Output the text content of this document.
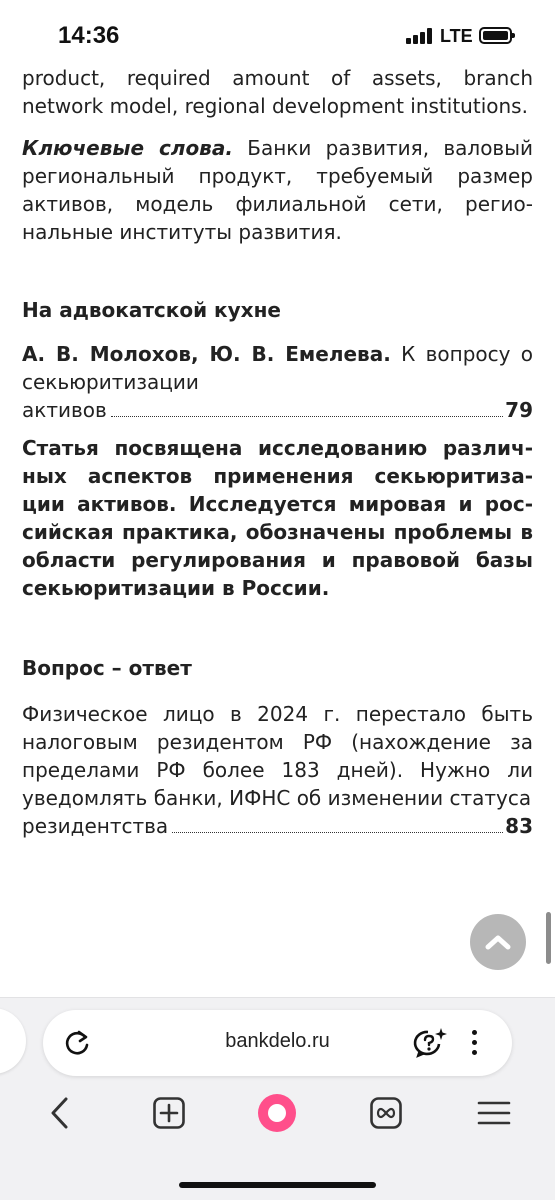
14:36	LTE

product, required amount of assets, branch network model, regional development institutions.

Ключевые слова. Банки развития, валовый региональный продукт, требуемый размер активов, модель филиальной сети, регио-нальные институты развития.

На адвокатской кухне

А. В. Молохов, Ю. В. Емелева. К вопросу о секьюритизации

активов	79

Статья посвящена исследованию различ-ных аспектов применения секьюритиза-ции активов. Исследуется мировая и рос-сийская практика, обозначены проблемы в области регулирования и правовой базы секьюритизации в России.

Вопрос – ответ

Физическое лицо в 2024 г. перестало быть налоговым резидентом РФ (нахождение за пределами РФ более 183 дней). Нужно ли уведомлять банки, ИФНС об изменении статуса

резидентства	83
bankdelo.ru
